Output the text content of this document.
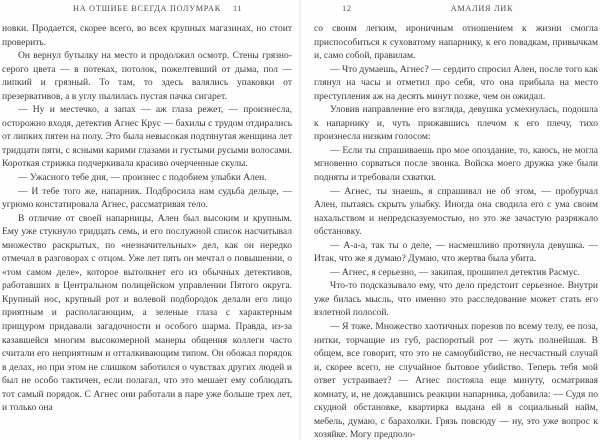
НА ОТШИБЕ ВСЕГДА ПОЛУМРАК	11

новки. Продается, скорее всего, во всех крупных магазинах, но стоит проверить.

Он вернул бутылку на место и продолжил осмотр. Стены грязно-серого цвета — в потеках, потолок, пожелтевший от дыма, пол — липкий и грязный. То там, то здесь валялись упаковки от презервативов, а в углу пылилась пустая пачка сигарет.

— Ну и местечко, а запах — аж глаза режет, — произнесла, осторожно входя, детектив Агнес Крус — бахилы с трудом отдирались от липких пятен на полу. Это была невысокая подтянутая женщина лет тридцати пяти, с ясными карими глазами и густыми русыми волосами. Короткая стрижка подчеркивала красиво очерченные скулы.

— Ужасного тебе дня, — произнес с подобием улыбки Ален.

— И тебе того же, напарник. Подбросила нам судьба дельце, — угрюмо констатировала Агнес, рассматривая тело.

В отличие от своей напарницы, Ален был высоким и крупным. Ему уже стукнуло тридцать семь, и его послужной список насчитывал множество раскрытых, по «незначительных» дел, как он нередко отмечал в разговорах с отцом. Уже лет пять он мечтал о повышении, о «том самом деле», которое вытолкнет его из обычных детективов, работавших в Центральном полицейском управлении Пятого округа. Крупный нос, крупный рот и волевой подбородок делали его лицо приятным и располагающим, а зеленые глаза с характерным прищуром придавали загадочности и особого шарма. Правда, из-за казавшейся многим высокомерной манеры общения коллеги часто считали его неприятным и отталкивающим типом. Он обожал порядок в делах, но при этом не слишком заботился о чувствах других людей и был не особо тактичен, если полагал, что это мешает ему соблюдать тот самый порядок. С Агнес они работали в паре уже больше трех лет, и только она

12	АМАЛИЯ ЛИК

со своим легким, ироничным отношением к жизни смогла приспособиться к суховатому напарнику, к его повадкам, привычкам и, само собой, правилам.

— Что думаешь, Агнес? — сердито спросил Ален, после того как глянул на часы и отметил про себя, что она прибыла на место преступления аж на десять минут позже, чем он ожидал.

Уловив направление его взгляда, девушка усмехнулась, подошла к напарнику и, чуть прижавшись плечом к его плечу, тихо произнесла низким голосом:

— Если ты спрашиваешь про мое опоздание, то, каюсь, не могла мгновенно сорваться после звонка. Войска моего дружка уже были подняты и требовали схватки.

— Агнес, ты знаешь, я спрашивал не об этом, — пробурчал Ален, пытаясь скрыть улыбку. Иногда она сводила его с ума своим нахальством и непредсказуемостью, но это же зачастую разряжало обстановку.

— А-а-а, так ты о деле, — насмешливо протянула девушка. — Итак, что же я думаю? Думаю, что жертва была убита.

— Агнес, я серьезно, — закипая, прошипел детектив Расмус.

Что-то подсказывало ему, что дело предстоит серьезное. Внутри уже билась мысль, что именно это расследование может стать его взлетной полосой.

— Я тоже. Множество хаотичных порезов по всему телу, ее поза, нитки, торчащие из губ, распоротый рот — жуть полнейшая. В общем, все говорит, что это не самоубийство, не несчастный случай и, скорее всего, не случайное бытовое убийство. Теперь тебя мой ответ устраивает? — Агнес постояла еще минуту, осматривая комнату, и, не дождавшись реакции напарника, добавила: — Судя по скудной обстановке, квартирка выдана ей в социальный найм, мебель, думаю, с барахолки. Грязь повсюду — ну, это уже вопрос к хозяйке. Могу предполо-
